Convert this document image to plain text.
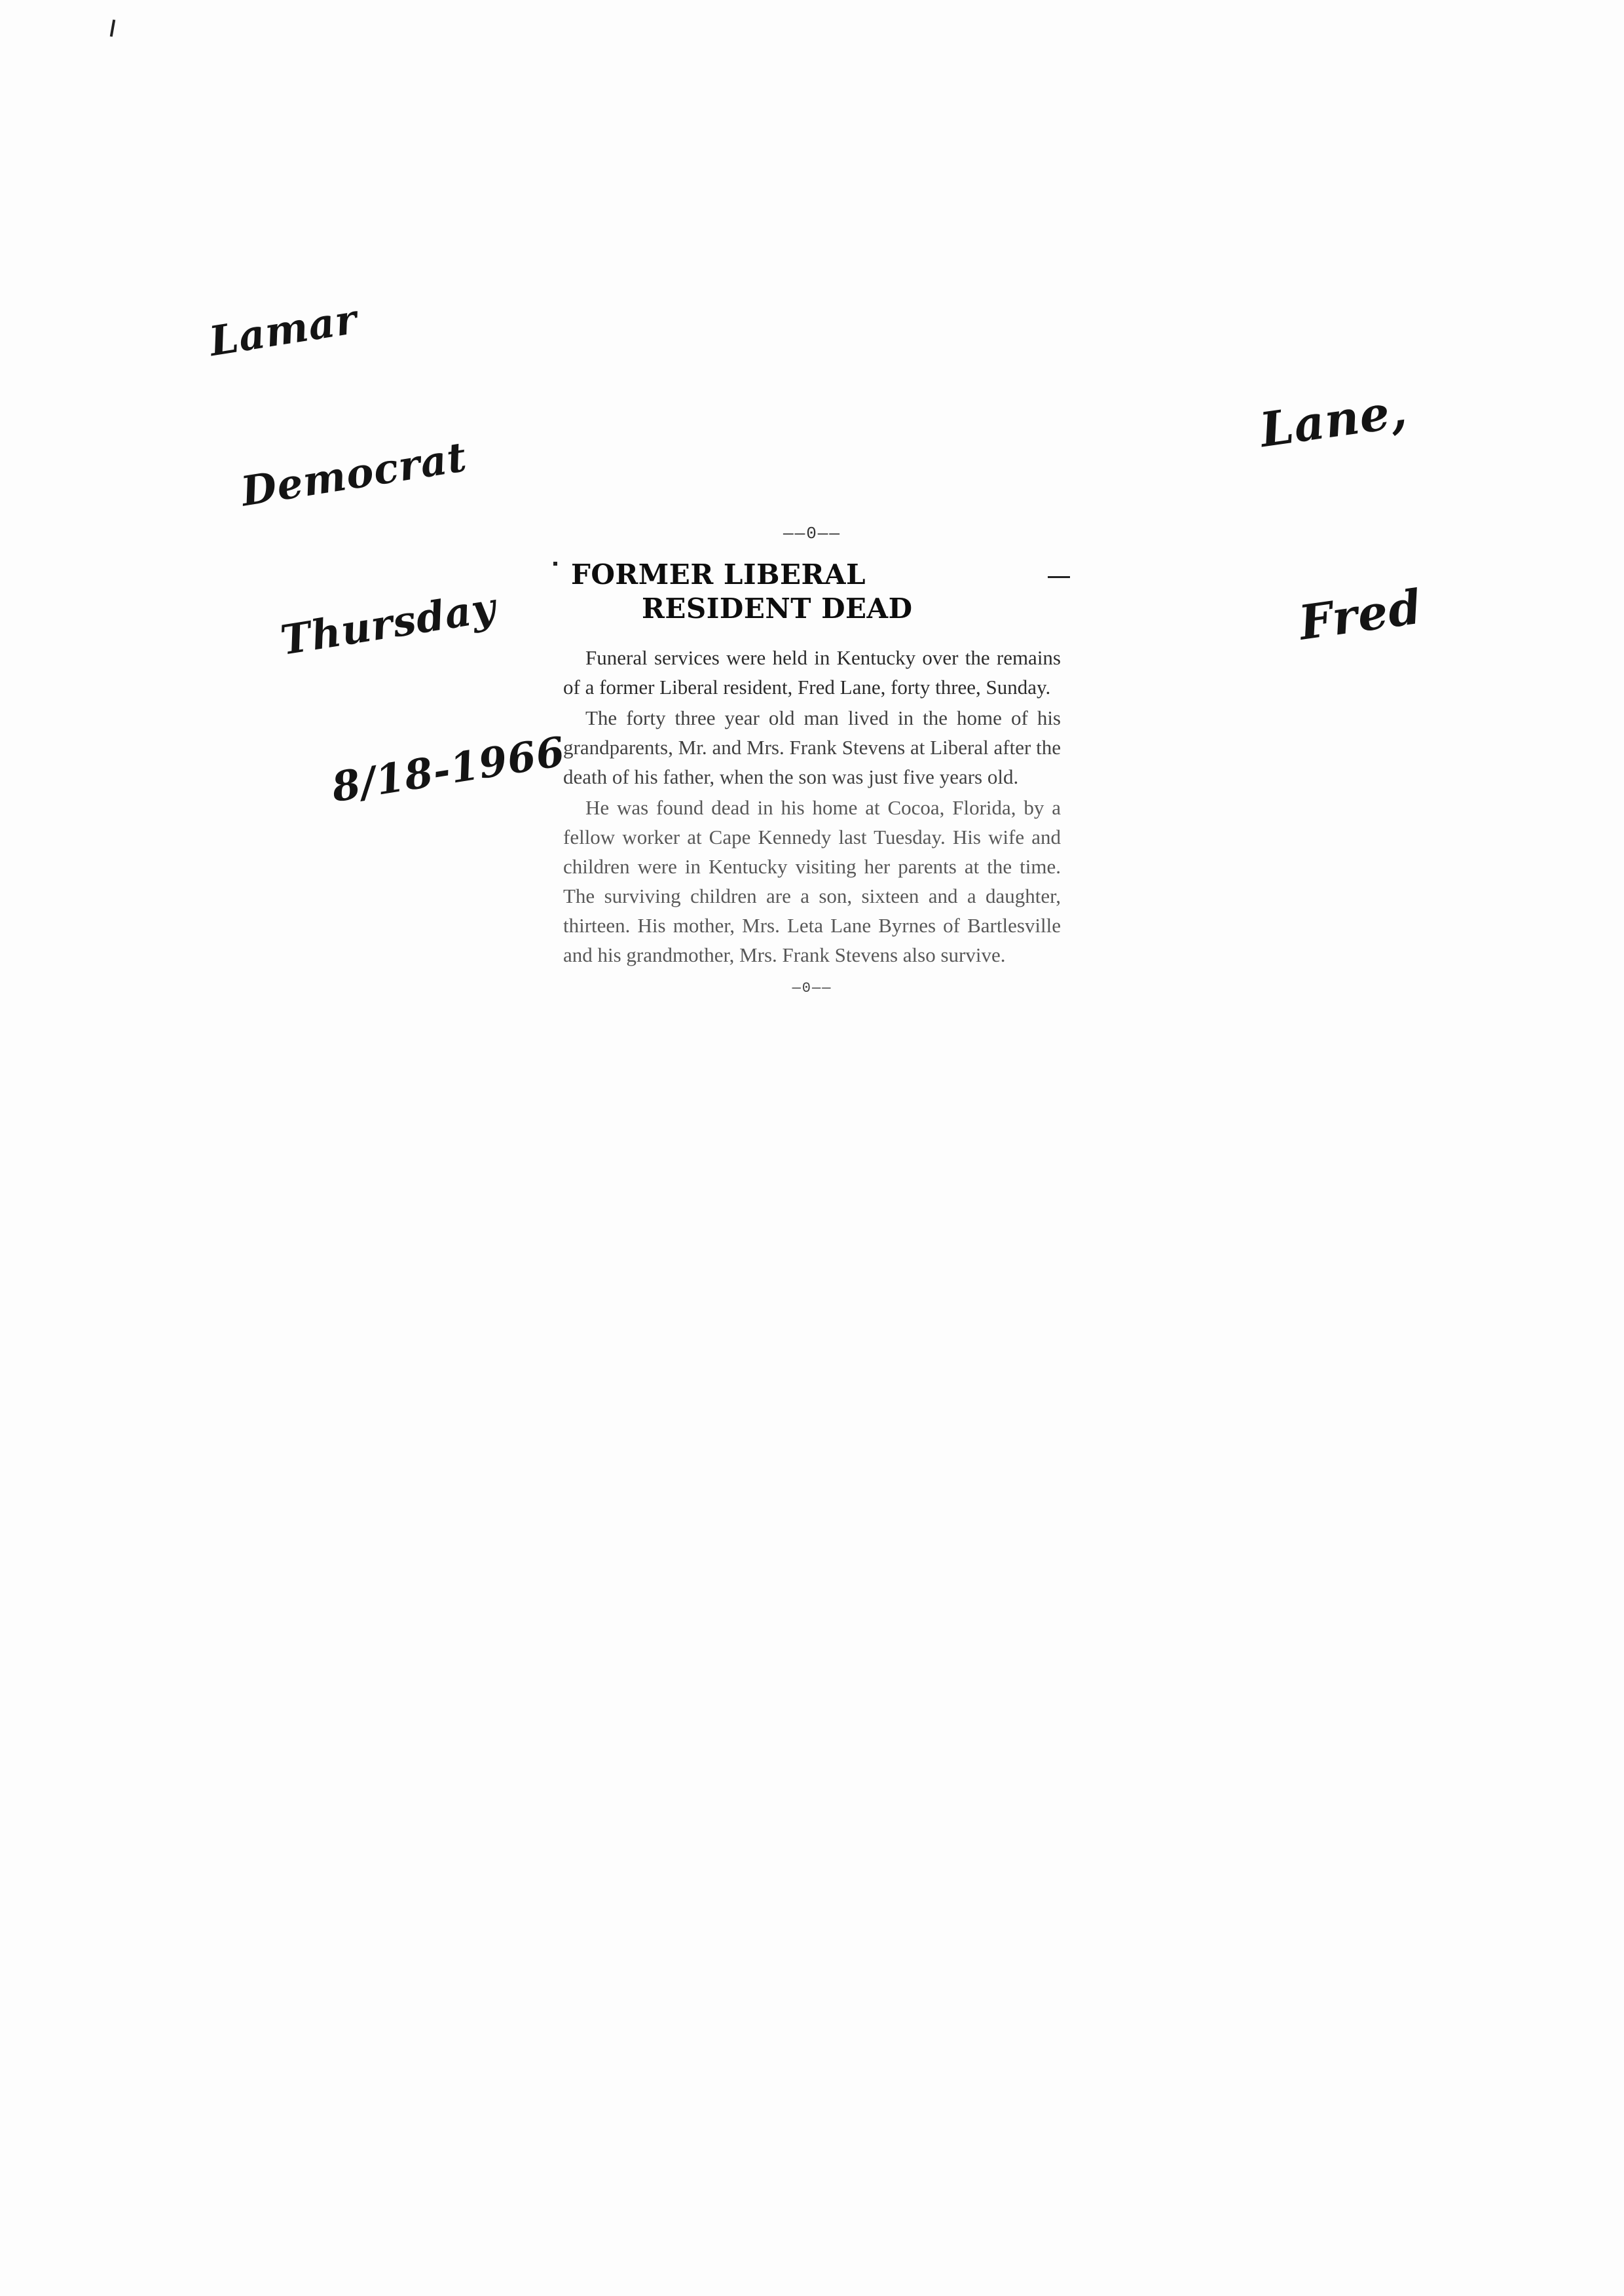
Lamar

Democrat

Thursday

8/18-1966

Lane,

Fred

——0——
FORMER LIBERAL
RESIDENT DEAD

Funeral services were held in Kentucky over the remains of a former Liberal resident, Fred Lane, forty three, Sunday.

The forty three year old man lived in the home of his grandparents, Mr. and Mrs. Frank Stevens at Liberal after the death of his father, when the son was just five years old.

He was found dead in his home at Cocoa, Florida, by a fellow worker at Cape Kennedy last Tuesday. His wife and children were in Kentucky visiting her parents at the time. The surviving children are a son, sixteen and a daughter, thirteen. His mother, Mrs. Leta Lane Byrnes of Bartlesville and his grandmother, Mrs. Frank Stevens also survive.

—0——
